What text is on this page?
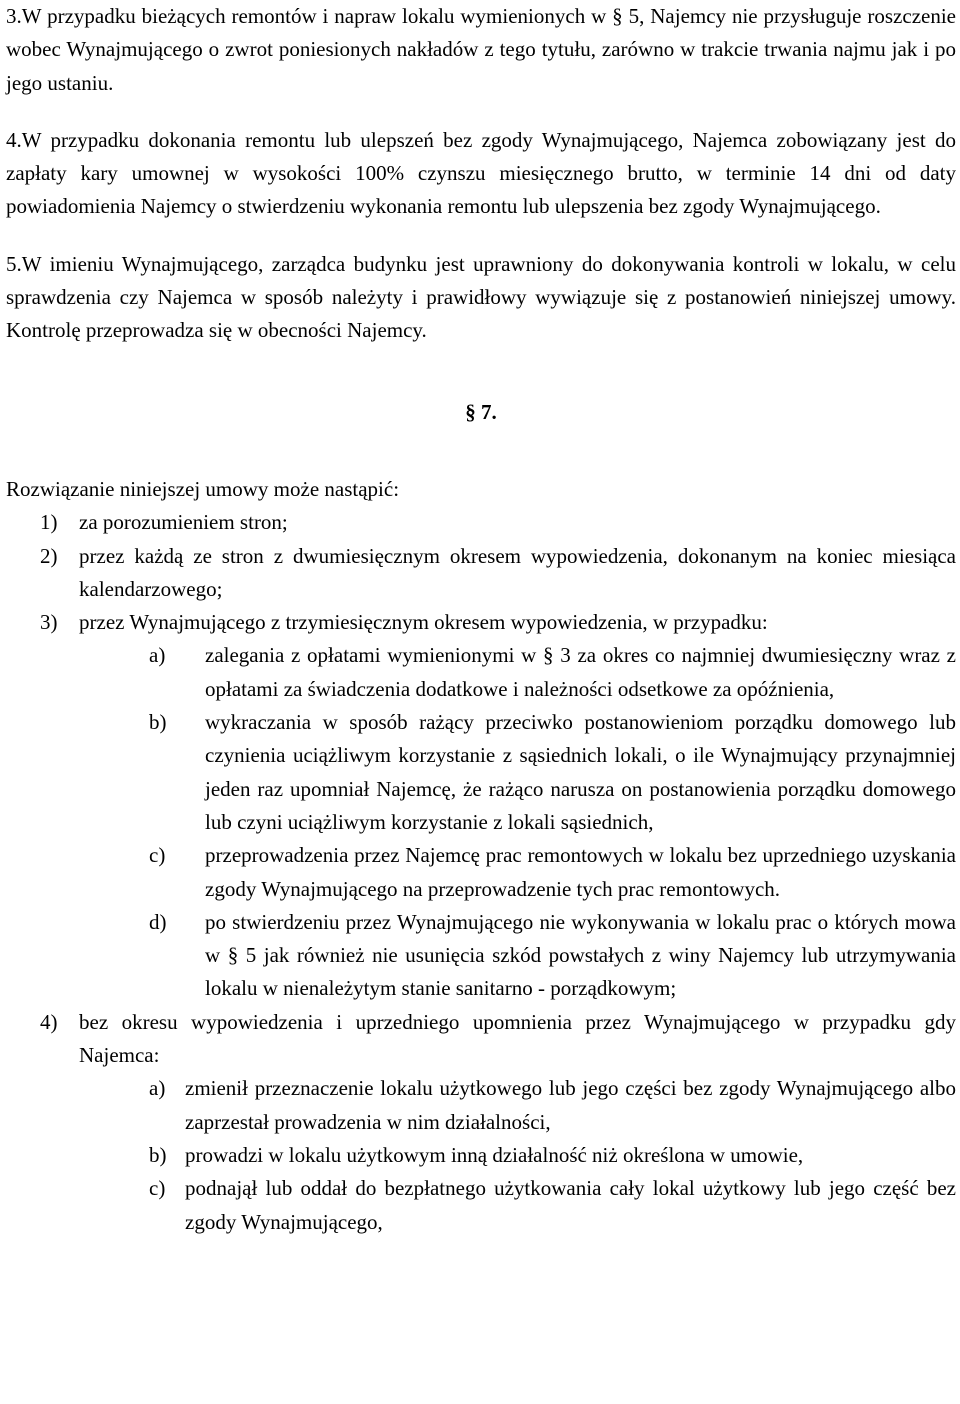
3.W przypadku bieżących remontów i napraw lokalu wymienionych w § 5, Najemcy nie przysługuje roszczenie wobec Wynajmującego o zwrot poniesionych nakładów z tego tytułu, zarówno w trakcie trwania najmu jak i po jego ustaniu.

4.W przypadku dokonania remontu lub ulepszeń bez zgody Wynajmującego, Najemca zobowiązany jest do zapłaty kary umownej w wysokości 100% czynszu miesięcznego brutto, w terminie 14 dni od daty powiadomienia Najemcy o stwierdzeniu wykonania remontu lub ulepszenia bez zgody Wynajmującego.

5.W imieniu Wynajmującego, zarządca budynku jest uprawniony do dokonywania kontroli w lokalu, w celu sprawdzenia czy Najemca w sposób należyty i prawidłowy wywiązuje się z postanowień niniejszej umowy. Kontrolę przeprowadza się w obecności Najemcy.

§ 7.

Rozwiązanie niniejszej umowy może nastąpić:

1)	za porozumieniem stron;
2)	przez każdą ze stron z dwumiesięcznym okresem wypowiedzenia, dokonanym na koniec miesiąca kalendarzowego;
3)	przez Wynajmującego z trzymiesięcznym okresem wypowiedzenia, w przypadku:
a)	zalegania z opłatami wymienionymi w § 3 za okres co najmniej dwumiesięczny wraz z opłatami za świadczenia dodatkowe i należności odsetkowe za opóźnienia,
b)	wykraczania w sposób rażący przeciwko postanowieniom porządku domowego lub czynienia uciążliwym korzystanie z sąsiednich lokali, o ile Wynajmujący przynajmniej jeden raz upomniał Najemcę, że rażąco narusza on postanowienia porządku domowego lub czyni uciążliwym korzystanie z lokali sąsiednich,
c)	przeprowadzenia przez Najemcę prac remontowych w lokalu bez uprzedniego uzyskania zgody Wynajmującego na przeprowadzenie tych prac remontowych.
d)	po stwierdzeniu przez Wynajmującego nie wykonywania w lokalu prac o których mowa w § 5 jak również nie usunięcia szkód powstałych z winy Najemcy lub utrzymywania lokalu w nienależytym stanie sanitarno - porządkowym;
4)	bez okresu wypowiedzenia i uprzedniego upomnienia przez Wynajmującego w przypadku gdy Najemca:
a) zmienił przeznaczenie lokalu użytkowego lub jego części bez zgody Wynajmującego albo zaprzestał prowadzenia w nim działalności,
b) prowadzi w lokalu użytkowym inną działalność niż określona w umowie,
c) podnajął lub oddał do bezpłatnego użytkowania cały lokal użytkowy lub jego część bez zgody Wynajmującego,
